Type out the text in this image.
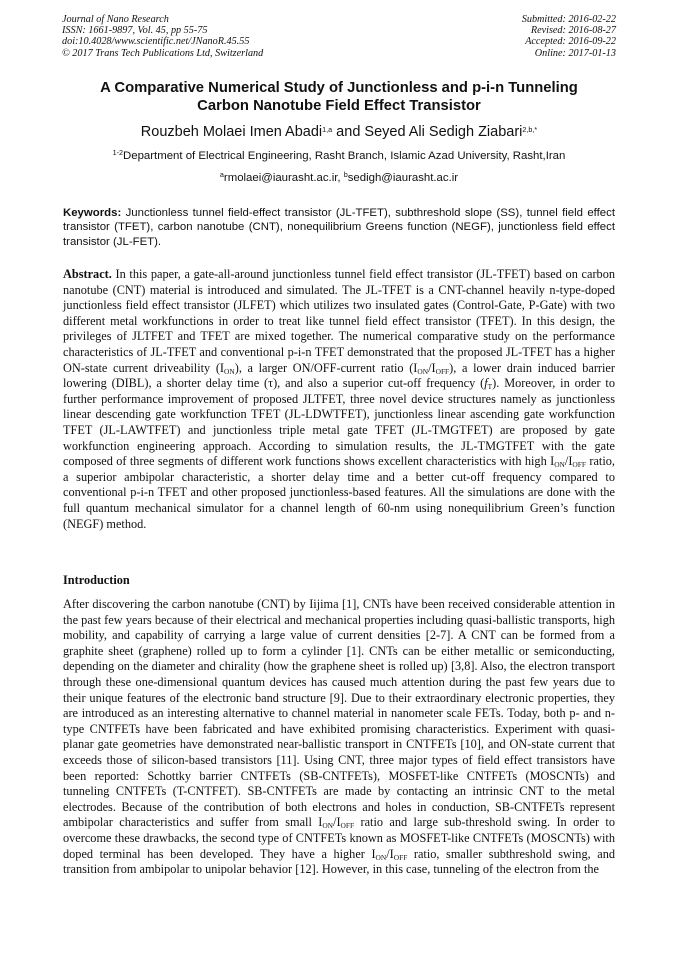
Journal of Nano Research
ISSN: 1661-9897, Vol. 45, pp 55-75
doi:10.4028/www.scientific.net/JNanoR.45.55
© 2017 Trans Tech Publications Ltd, Switzerland
Submitted: 2016-02-22
Revised: 2016-08-27
Accepted: 2016-09-22
Online: 2017-01-13
A Comparative Numerical Study of Junctionless and p-i-n Tunneling
Carbon Nanotube Field Effect Transistor
Rouzbeh Molaei Imen Abadi$^{1,a}$ and Seyed Ali Sedigh Ziabari$^{2,b,*}$
$^{1-2}$Department of Electrical Engineering, Rasht Branch, Islamic Azad University, Rasht,Iran
$^a$rmolaei@iaurasht.ac.ir, $^b$sedigh@iaurasht.ac.ir
Keywords: Junctionless tunnel field-effect transistor (JL-TFET), subthreshold slope (SS), tunnel field effect transistor (TFET), carbon nanotube (CNT), nonequilibrium Greens function (NEGF), junctionless field effect transistor (JL-FET).
Abstract. In this paper, a gate-all-around junctionless tunnel field effect transistor (JL-TFET) based on carbon nanotube (CNT) material is introduced and simulated. The JL-TFET is a CNT-channel heavily n-type-doped junctionless field effect transistor (JLFET) which utilizes two insulated gates (Control-Gate, P-Gate) with two different metal workfunctions in order to treat like tunnel field effect transistor (TFET). In this design, the privileges of JLTFET and TFET are mixed together. The numerical comparative study on the performance characteristics of JL-TFET and conventional p-i-n TFET demonstrated that the proposed JL-TFET has a higher ON-state current driveability $(I_{ON})$, a larger ON/OFF-current ratio $(I_{ON}/I_{OFF})$, a lower drain induced barrier lowering (DIBL), a shorter delay time (τ), and also a superior cut-off frequency $(f_T)$. Moreover, in order to further performance improvement of proposed JLTFET, three novel device structures namely as junctionless linear descending gate workfunction TFET (JL-LDWTFET), junctionless linear ascending gate workfunction TFET (JL-LAWTFET) and junctionless triple metal gate TFET (JL-TMGTFET) are proposed by gate workfunction engineering approach. According to simulation results, the JL-TMGTFET with the gate composed of three segments of different work functions shows excellent characteristics with high $I_{ON}/I_{OFF}$ ratio, a superior ambipolar characteristic, a shorter delay time and a better cut-off frequency compared to conventional p-i-n TFET and other proposed junctionless-based features. All the simulations are done with the full quantum mechanical simulator for a channel length of 60-nm using nonequilibrium Green’s function (NEGF) method.
Introduction
After discovering the carbon nanotube (CNT) by Iijima [1], CNTs have been received considerable attention in the past few years because of their electrical and mechanical properties including quasi-ballistic transports, high mobility, and capability of carrying a large value of current densities [2-7]. A CNT can be formed from a graphite sheet (graphene) rolled up to form a cylinder [1]. CNTs can be either metallic or semiconducting, depending on the diameter and chirality (how the graphene sheet is rolled up) [3,8]. Also, the electron transport through these one-dimensional quantum devices has caused much attention during the past few years due to their unique features of the electronic band structure [9]. Due to their extraordinary electronic properties, they are introduced as an interesting alternative to channel material in nanometer scale FETs. Today, both p- and n-type CNTFETs have been fabricated and have exhibited promising characteristics. Experiment with quasi-planar gate geometries have demonstrated near-ballistic transport in CNTFETs [10], and ON-state current that exceeds those of silicon-based transistors [11]. Using CNT, three major types of field effect transistors have been reported: Schottky barrier CNTFETs (SB-CNTFETs), MOSFET-like CNTFETs (MOSCNTs) and tunneling CNTFETs (T-CNTFET). SB-CNTFETs are made by contacting an intrinsic CNT to the metal electrodes. Because of the contribution of both electrons and holes in conduction, SB-CNTFETs represent ambipolar characteristics and suffer from small $I_{ON}/I_{OFF}$ ratio and large sub-threshold swing. In order to overcome these drawbacks, the second type of CNTFETs known as MOSFET-like CNTFETs (MOSCNTs) with doped terminal has been developed. They have a higher $I_{ON}/I_{OFF}$ ratio, smaller subthreshold swing, and transition from ambipolar to unipolar behavior [12]. However, in this case, tunneling of the electron from the
